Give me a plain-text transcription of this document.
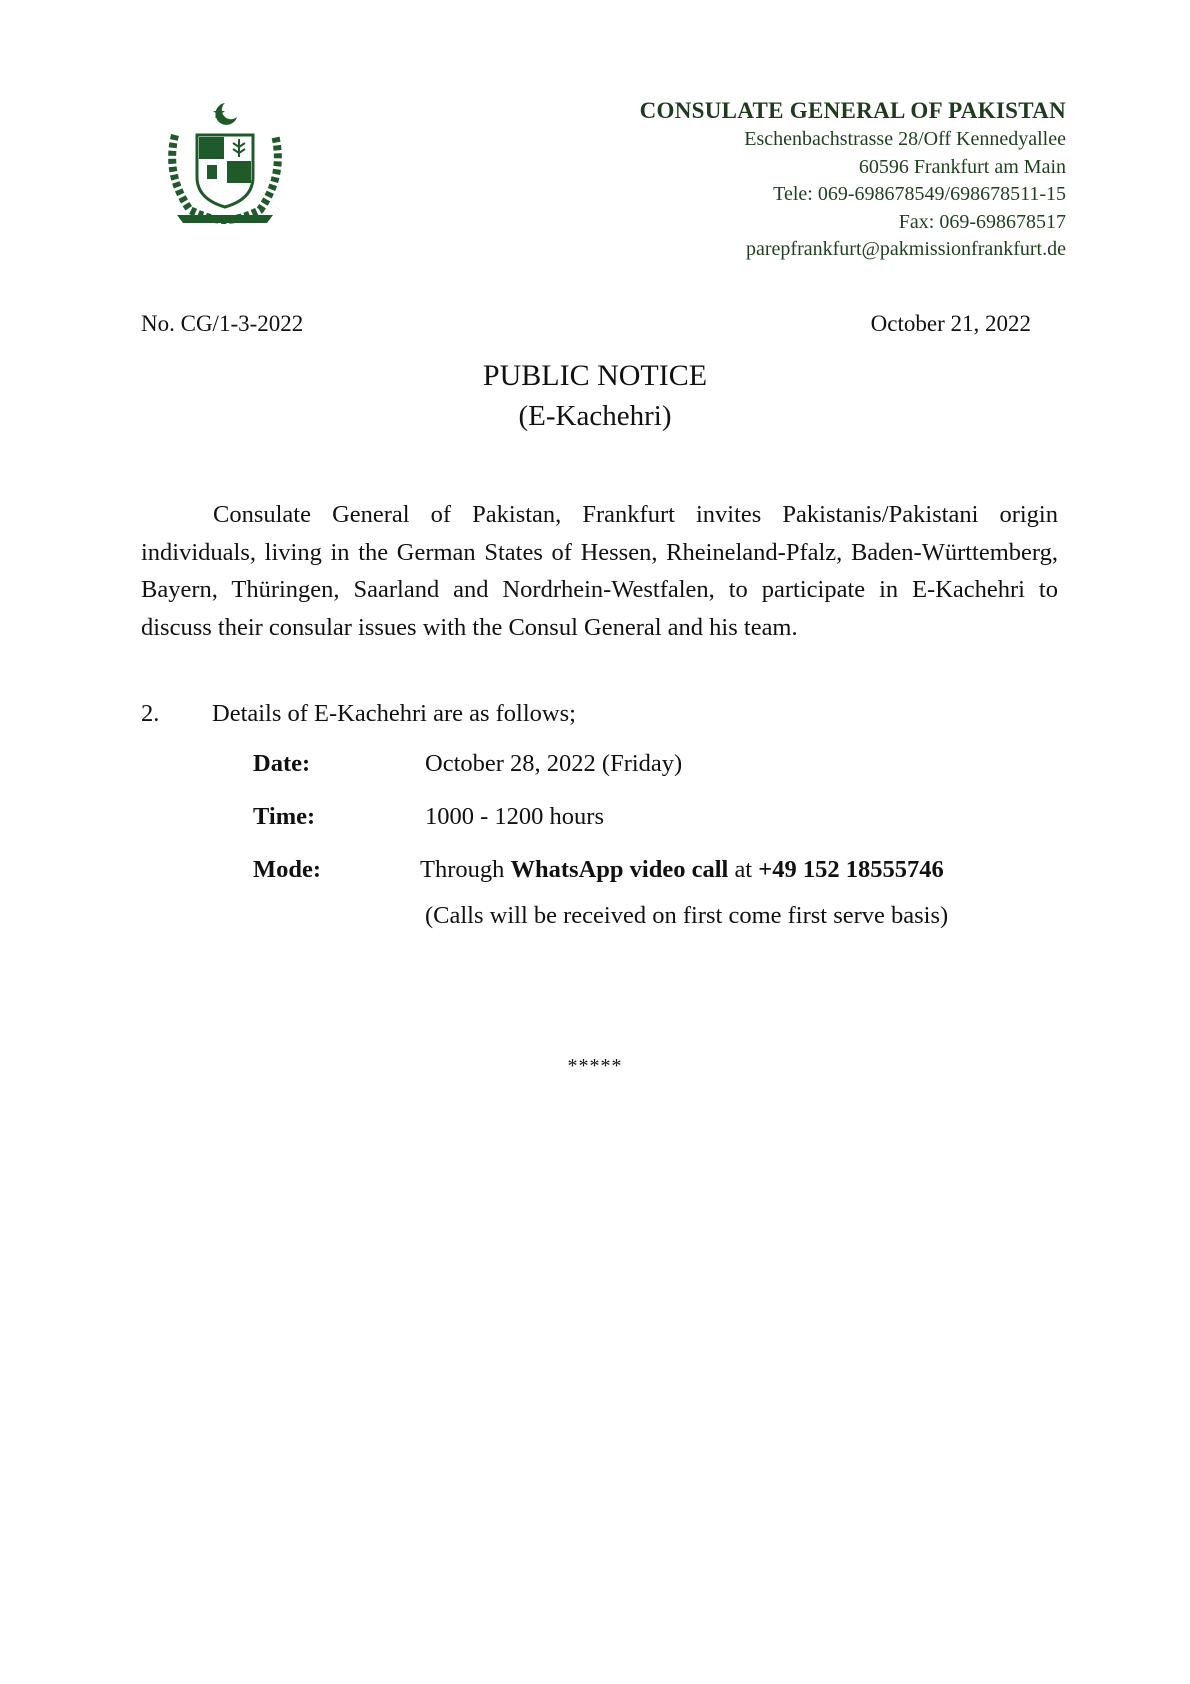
CONSULATE GENERAL OF PAKISTAN
Eschenbachstrasse 28/Off Kennedyallee
60596 Frankfurt am Main
Tele: 069-698678549/698678511-15
Fax: 069-698678517
parepfrankfurt@pakmissionfrankfurt.de
No. CG/1-3-2022	October 21, 2022
PUBLIC NOTICE
(E-Kachehri)
Consulate General of Pakistan, Frankfurt invites Pakistanis/Pakistani origin individuals, living in the German States of Hessen, Rheineland-Pfalz, Baden-Württemberg, Bayern, Thüringen, Saarland and Nordrhein-Westfalen, to participate in E-Kachehri to discuss their consular issues with the Consul General and his team.
2. Details of E-Kachehri are as follows;
Date:	October 28, 2022 (Friday)
Time:	1000 - 1200 hours
Mode:	Through WhatsApp video call at +49 152 18555746
(Calls will be received on first come first serve basis)
*****
